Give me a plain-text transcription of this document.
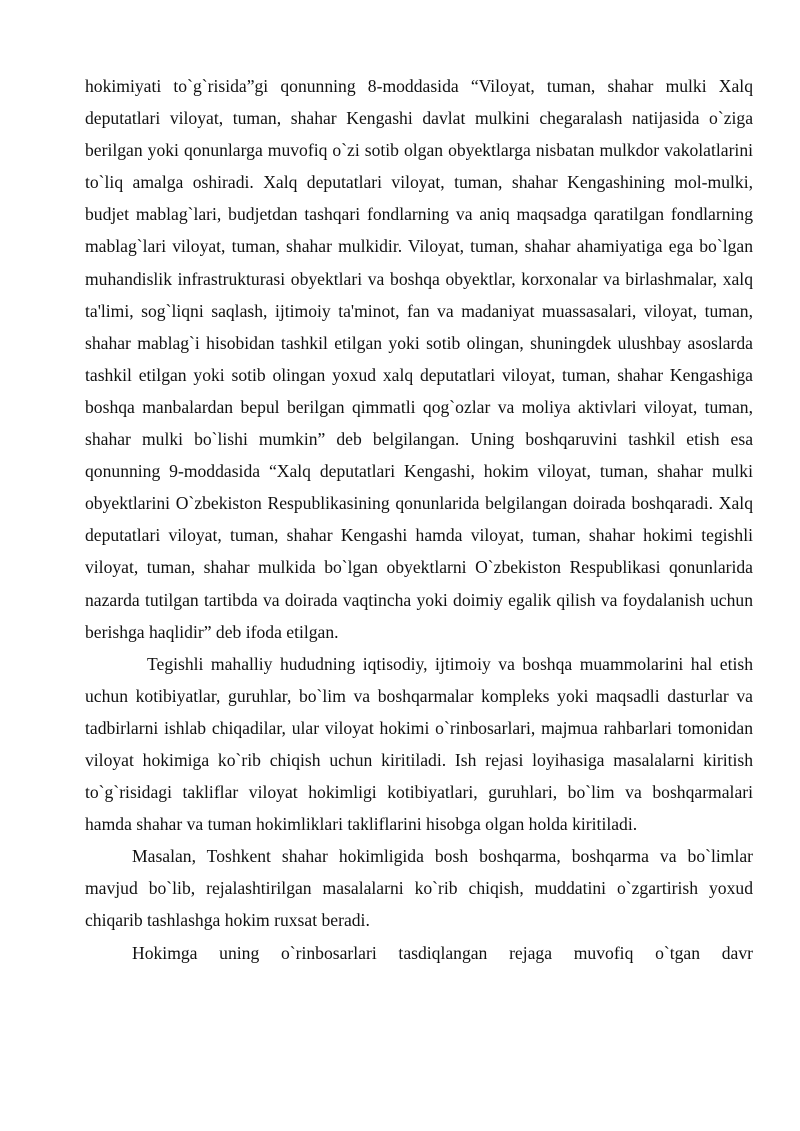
hokimiyati to`g`risida”gi qonunning 8-moddasida “Viloyat, tuman, shahar mulki Xalq deputatlari viloyat, tuman, shahar Kengashi davlat mulkini chegaralash natijasida o`ziga berilgan yoki qonunlarga muvofiq o`zi sotib olgan obyektlarga nisbatan mulkdor vakolatlarini to`liq amalga oshiradi. Xalq deputatlari viloyat, tuman, shahar Kengashining mol-mulki, budjet mablag`lari, budjetdan tashqari fondlarning va aniq maqsadga qaratilgan fondlarning mablag`lari viloyat, tuman, shahar mulkidir. Viloyat, tuman, shahar ahamiyatiga ega bo`lgan muhandislik infrastrukturasi obyektlari va boshqa obyektlar, korxonalar va birlashmalar, xalq ta'limi, sog`liqni saqlash, ijtimoiy ta'minot, fan va madaniyat muassasalari, viloyat, tuman, shahar mablag`i hisobidan tashkil etilgan yoki sotib olingan, shuningdek ulushbay asoslarda tashkil etilgan yoki sotib olingan yoxud xalq deputatlari viloyat, tuman, shahar Kengashiga boshqa manbalardan bepul berilgan qimmatli qog`ozlar va moliya aktivlari viloyat, tuman, shahar mulki bo`lishi mumkin” deb belgilangan. Uning boshqaruvini tashkil etish esa qonunning 9-moddasida “Xalq deputatlari Kengashi, hokim viloyat, tuman, shahar mulki obyektlarini O`zbekiston Respublikasining qonunlarida belgilangan doirada boshqaradi. Xalq deputatlari viloyat, tuman, shahar Kengashi hamda viloyat, tuman, shahar hokimi tegishli viloyat, tuman, shahar mulkida bo`lgan obyektlarni O`zbekiston Respublikasi qonunlarida nazarda tutilgan tartibda va doirada vaqtincha yoki doimiy egalik qilish va foydalanish uchun berishga haqlidir” deb ifoda etilgan.

Tegishli mahalliy hududning iqtisodiy, ijtimoiy va boshqa muammolarini hal etish uchun kotibiyatlar, guruhlar, bo`lim va boshqarmalar kompleks yoki maqsadli dasturlar va tadbirlarni ishlab chiqadilar, ular viloyat hokimi o`rinbosarlari, majmua rahbarlari tomonidan viloyat hokimiga ko`rib chiqish uchun kiritiladi. Ish rejasi loyihasiga masalalarni kiritish to`g`risidagi takliflar viloyat hokimligi kotibiyatlari, guruhlari, bo`lim va boshqarmalari hamda shahar va tuman hokimliklari takliflarini hisobga olgan holda kiritiladi.

Masalan, Toshkent shahar hokimligida bosh boshqarma, boshqarma va bo`limlar mavjud bo`lib, rejalashtirilgan masalalarni ko`rib chiqish, muddatini o`zgartirish yoxud chiqarib tashlashga hokim ruxsat beradi.

Hokimga uning o`rinbosarlari tasdiqlangan rejaga muvofiq o`tgan davr
